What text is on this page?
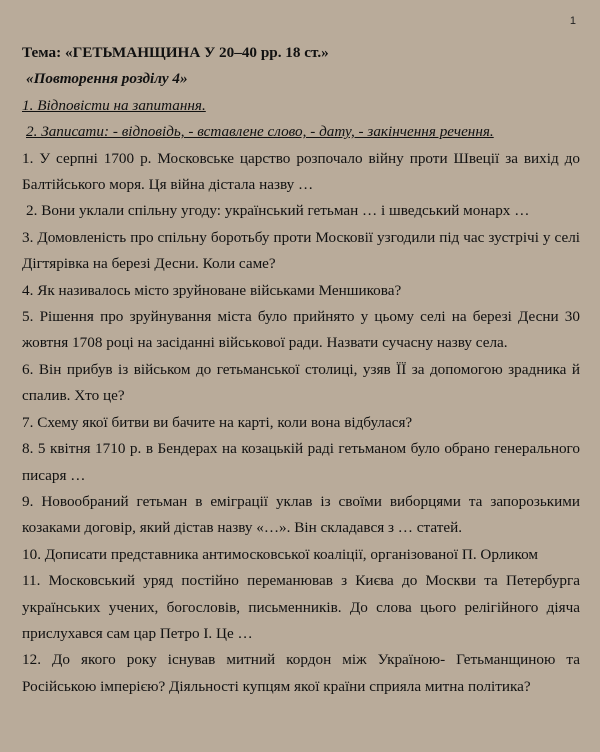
1

Тема: «ГЕТЬМАНЩИНА У 20–40 рр. 18 ст.»

«Повторення розділу 4»

1. Відповісти на запитання.

2. Записати: - відповідь, - вставлене слово, - дату, - закінчення речення.

1. У серпні 1700 р. Московське царство розпочало війну проти Швеції за вихід до Балтійського моря. Ця війна дістала назву …

2. Вони уклали спільну угоду: український гетьман … і шведський монарх …

3. Домовленість про спільну боротьбу проти Московії узгодили під час зустрічі у селі Дігтярівка на березі Десни. Коли саме?

4. Як називалось місто зруйноване військами Меншикова?

5. Рішення про зруйнування міста було прийнято у цьому селі на березі Десни 30 жовтня 1708 році на засіданні військової ради. Назвати сучасну назву села.

6. Він прибув із військом до гетьманської столиці, узяв ЇЇ за допомогою зрадника й спалив. Хто це?

7. Схему якої битви ви бачите на карті, коли вона відбулася?

8. 5 квітня 1710 р. в Бендерах на козацькій раді гетьманом було обрано генерального писаря …

9. Новообраний гетьман в еміграції уклав із своїми виборцями та запорозькими козаками договір, який дістав назву «…». Він складався з … статей.

10. Дописати представника антимосковської коаліції, організованої П. Орликом

11. Московський уряд постійно переманював з Києва до Москви та Петербурга українських учених, богословів, письменників. До слова цього релігійного діяча прислухався сам цар Петро І. Це …

12. До якого року існував митний кордон між Україною- Гетьманщиною та Російською імперією? Діяльності купцям якої країни сприяла митна політика?
